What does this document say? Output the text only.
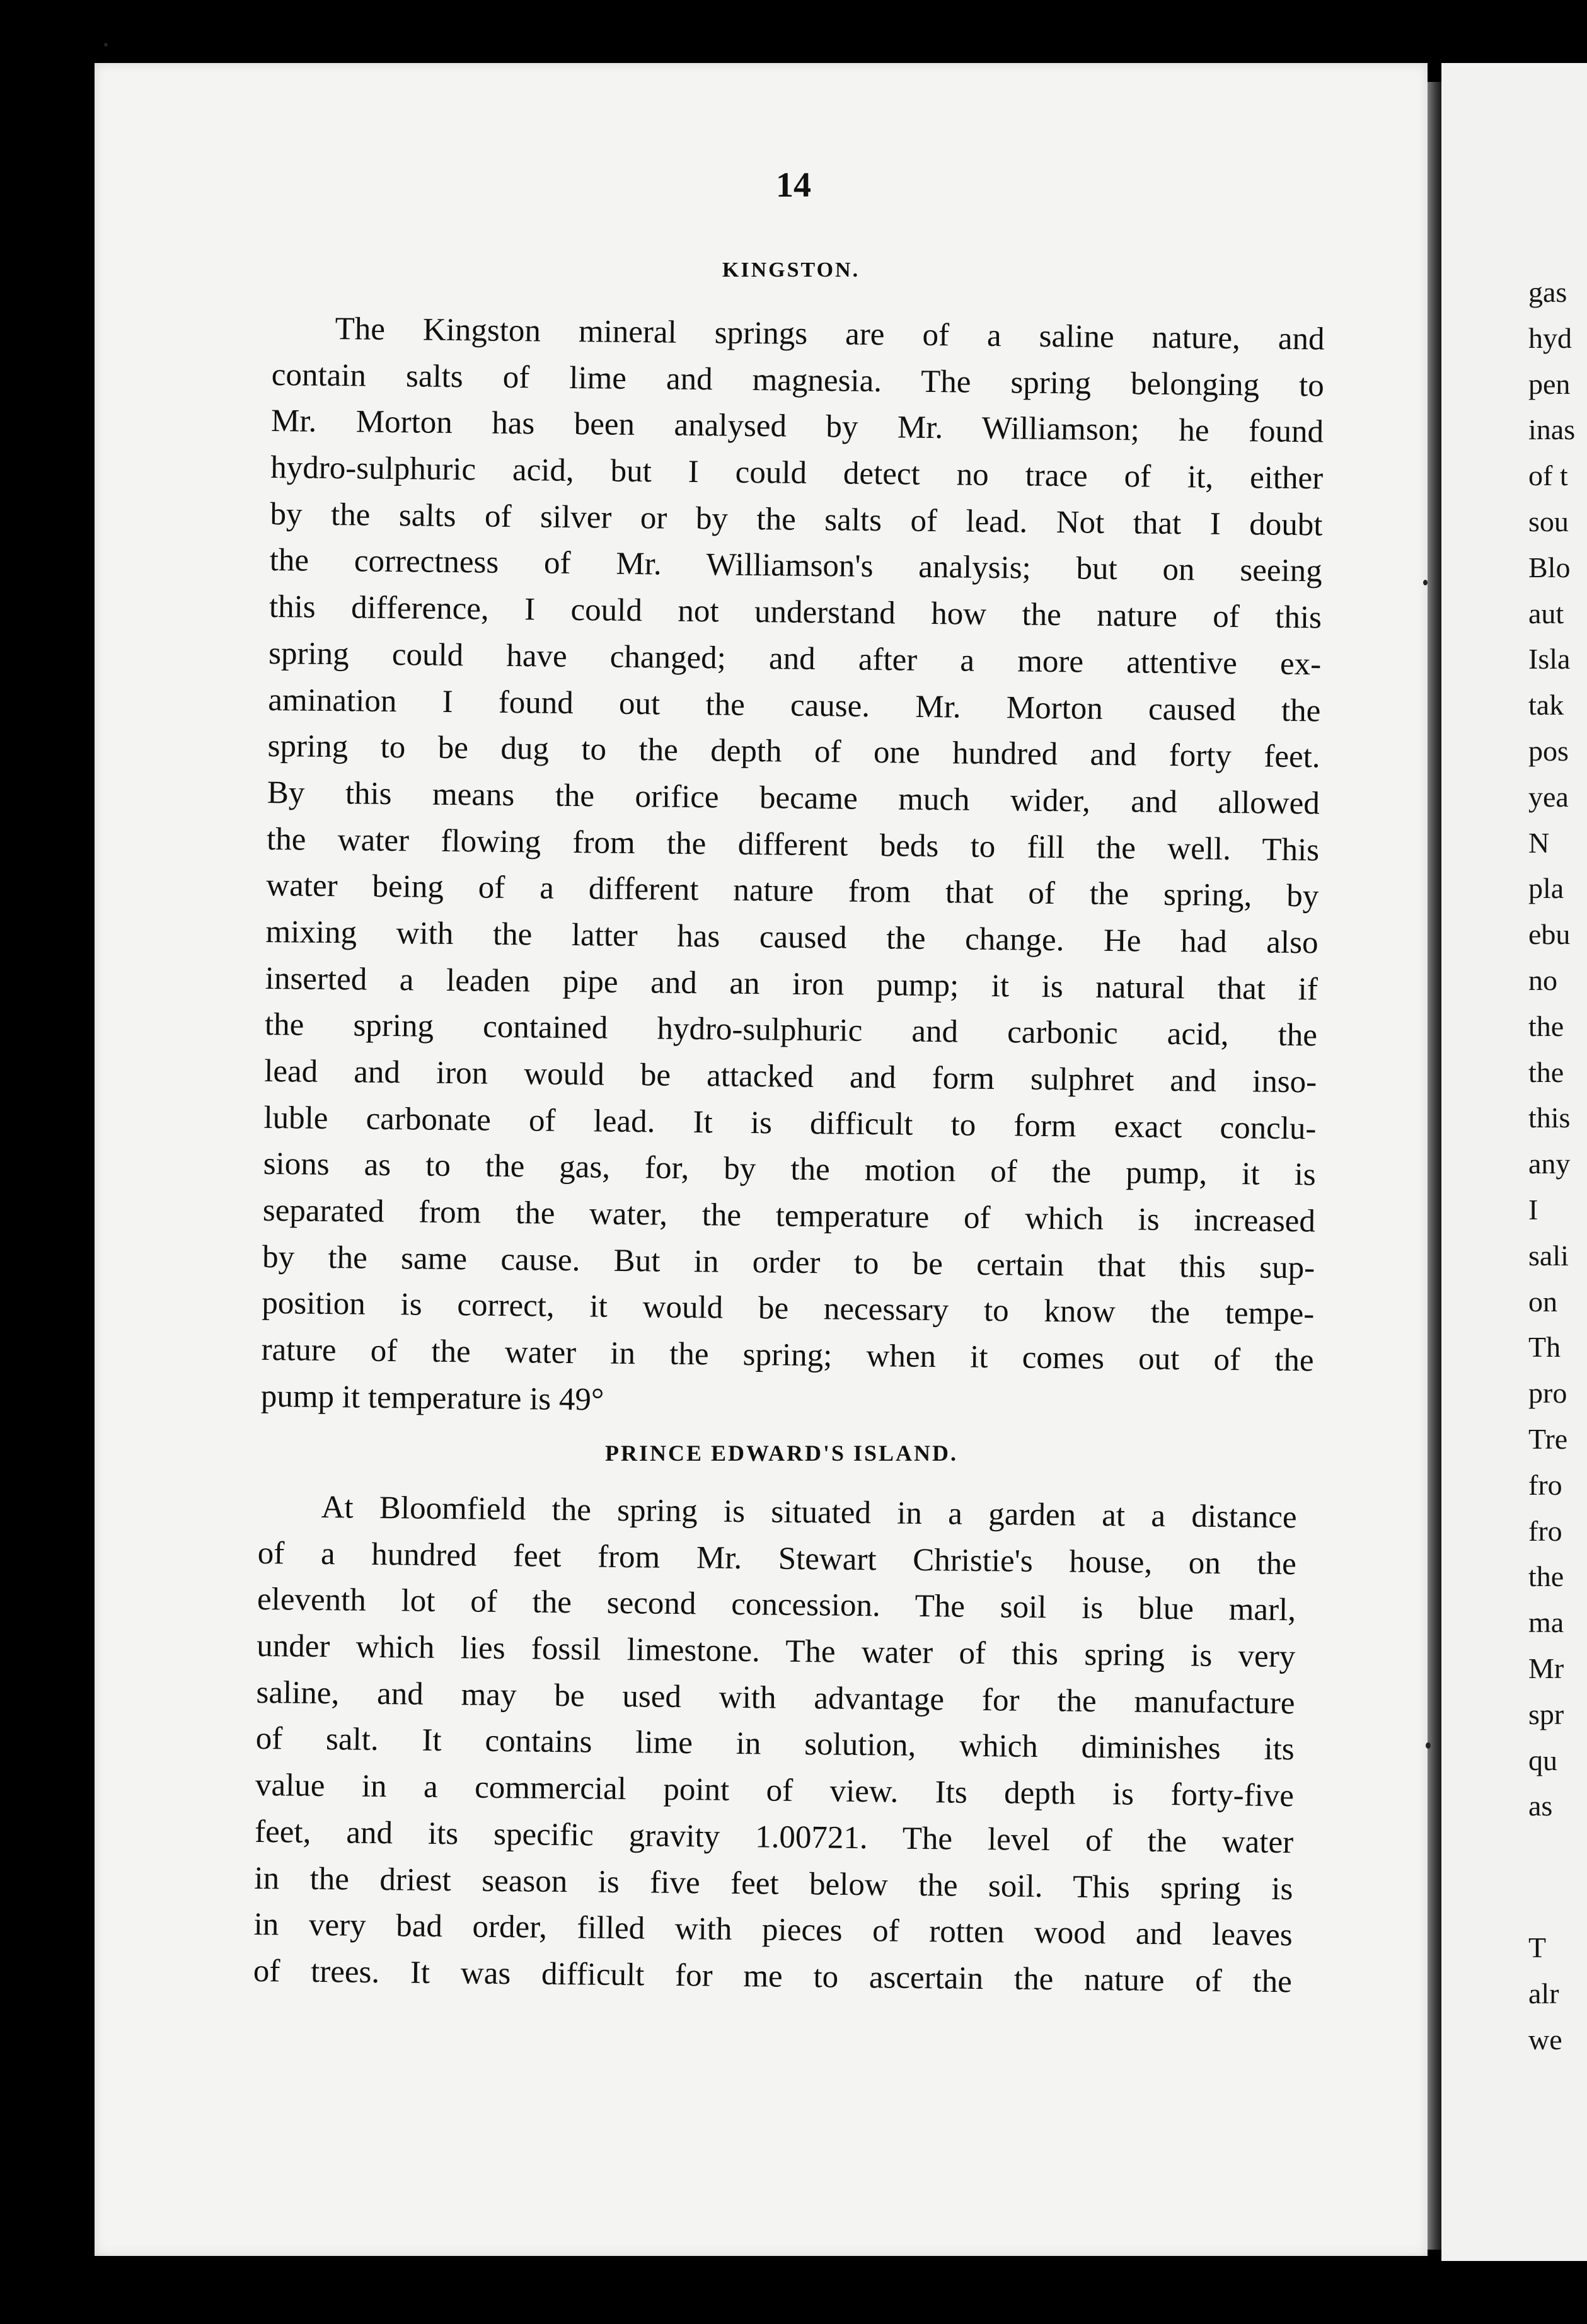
gas
hyd
pen
inas
of t
sou
Blo
aut
Isla
tak
pos
yea
N
pla
ebu
no
the
the
this
any
I
sali
on
Th
pro
Tre
fro
fro
the
ma
Mr
spr
qu
as
T
alr
we
14
KINGSTON.
The Kingston mineral springs are of a saline nature, and
contain salts of lime and magnesia. The spring belonging to
Mr. Morton has been analysed by Mr. Williamson; he found
hydro-sulphuric acid, but I could detect no trace of it, either
by the salts of silver or by the salts of lead. Not that I doubt
the correctness of Mr. Williamson's analysis; but on seeing
this difference, I could not understand how the nature of this
spring could have changed; and after a more attentive ex-
amination I found out the cause. Mr. Morton caused the
spring to be dug to the depth of one hundred and forty feet.
By this means the orifice became much wider, and allowed
the water flowing from the different beds to fill the well. This
water being of a different nature from that of the spring, by
mixing with the latter has caused the change. He had also
inserted a leaden pipe and an iron pump; it is natural that if
the spring contained hydro-sulphuric and carbonic acid, the
lead and iron would be attacked and form sulphret and inso-
luble carbonate of lead. It is difficult to form exact conclu-
sions as to the gas, for, by the motion of the pump, it is
separated from the water, the temperature of which is increased
by the same cause. But in order to be certain that this sup-
position is correct, it would be necessary to know the tempe-
rature of the water in the spring; when it comes out of the
pump it temperature is 49°
PRINCE EDWARD'S ISLAND.
At Bloomfield the spring is situated in a garden at a distance
of a hundred feet from Mr. Stewart Christie's house, on the
eleventh lot of the second concession. The soil is blue marl,
under which lies fossil limestone. The water of this spring is very
saline, and may be used with advantage for the manufacture
of salt. It contains lime in solution, which diminishes its
value in a commercial point of view. Its depth is forty-five
feet, and its specific gravity 1.00721. The level of the water
in the driest season is five feet below the soil. This spring is
in very bad order, filled with pieces of rotten wood and leaves
of trees. It was difficult for me to ascertain the nature of the
